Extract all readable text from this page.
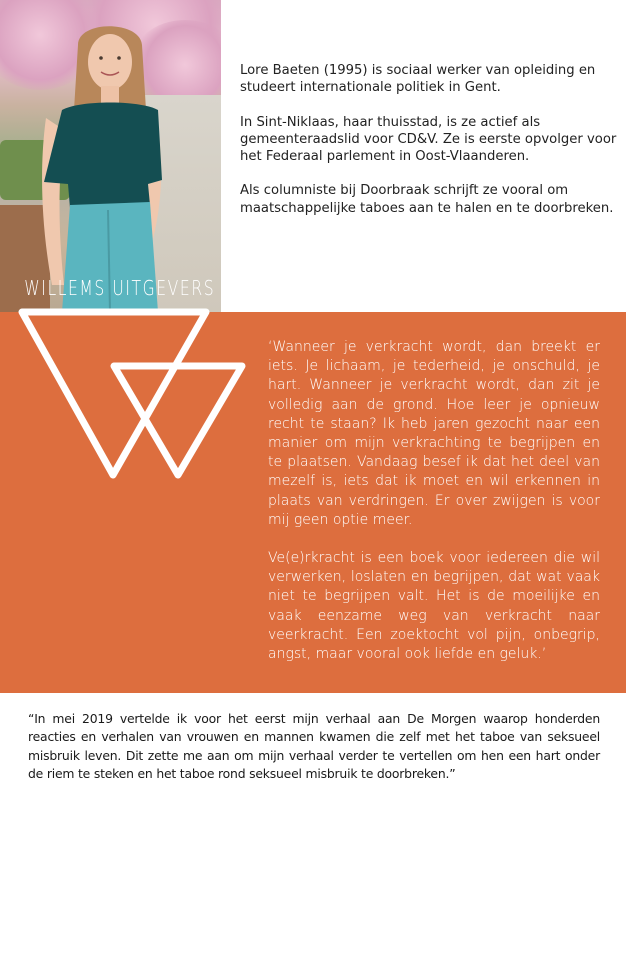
WILLEMS UITGEVERS

Lore Baeten (1995) is sociaal werker van opleiding en studeert internationale politiek in Gent.

In Sint-Niklaas, haar thuisstad, is ze actief als gemeenteraadslid voor CD&V. Ze is eerste opvolger voor het Federaal parlement in Oost-Vlaanderen.

Als columniste bij Doorbraak schrijft ze vooral om maatschappelijke taboes aan te halen en te doorbreken.

‘Wanneer je verkracht wordt, dan breekt er iets. Je lichaam, je tederheid, je onschuld, je hart. Wanneer je verkracht wordt, dan zit je volledig aan de grond. Hoe leer je opnieuw recht te staan? Ik heb jaren gezocht naar een manier om mijn verkrachting te begrijpen en te plaatsen. Vandaag besef ik dat het deel van mezelf is, iets dat ik moet en wil erkennen in plaats van verdringen. Er over zwijgen is voor mij geen optie meer.

Ve(e)rkracht is een boek voor iedereen die wil verwerken, loslaten en begrijpen, dat wat vaak niet te begrijpen valt. Het is de moeilijke en vaak eenzame weg van verkracht naar veerkracht. Een zoektocht vol pijn, onbegrip, angst, maar vooral ook liefde en geluk.’

“In mei 2019 vertelde ik voor het eerst mijn verhaal aan De Morgen waarop honderden reacties en verhalen van vrouwen en mannen kwamen die zelf met het taboe van seksueel misbruik leven. Dit zette me aan om mijn verhaal verder te vertellen om hen een hart onder de riem te steken en het taboe rond seksueel misbruik te doorbreken.”
